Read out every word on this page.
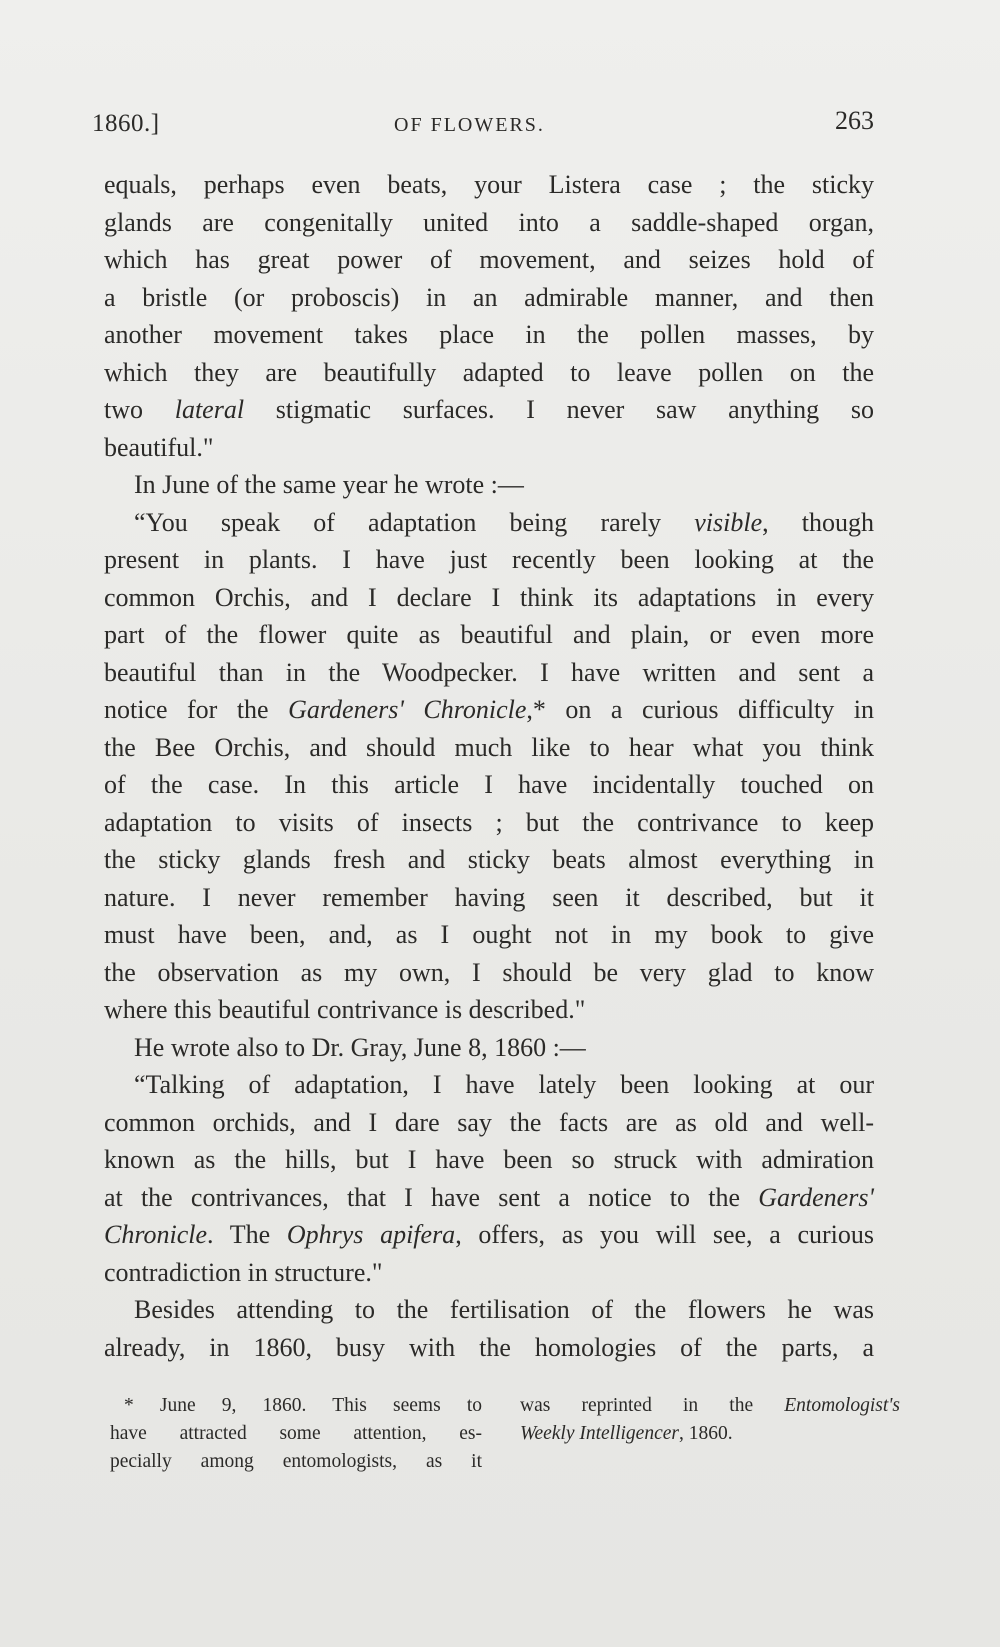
1860.]	OF FLOWERS.	263
equals, perhaps even beats, your Listera case ; the sticky
glands are congenitally united into a saddle-shaped organ,
which has great power of movement, and seizes hold of
a bristle (or proboscis) in an admirable manner, and then
another movement takes place in the pollen masses, by
which they are beautifully adapted to leave pollen on the
two lateral stigmatic surfaces. I never saw anything so
beautiful."
In June of the same year he wrote :—
“You speak of adaptation being rarely visible, though
present in plants. I have just recently been looking at the
common Orchis, and I declare I think its adaptations in every
part of the flower quite as beautiful and plain, or even more
beautiful than in the Woodpecker. I have written and sent a
notice for the Gardeners' Chronicle,* on a curious difficulty in
the Bee Orchis, and should much like to hear what you think
of the case. In this article I have incidentally touched on
adaptation to visits of insects ; but the contrivance to keep
the sticky glands fresh and sticky beats almost everything in
nature. I never remember having seen it described, but it
must have been, and, as I ought not in my book to give
the observation as my own, I should be very glad to know
where this beautiful contrivance is described."
He wrote also to Dr. Gray, June 8, 1860 :—
“Talking of adaptation, I have lately been looking at our
common orchids, and I dare say the facts are as old and well-
known as the hills, but I have been so struck with admiration
at the contrivances, that I have sent a notice to the Gardeners'
Chronicle. The Ophrys apifera, offers, as you will see, a curious
contradiction in structure."
Besides attending to the fertilisation of the flowers he was
already, in 1860, busy with the homologies of the parts, a
* June 9, 1860. This seems to
have attracted some attention, es-
pecially among entomologists, as it
was reprinted in the Entomologist's
Weekly Intelligencer, 1860.
